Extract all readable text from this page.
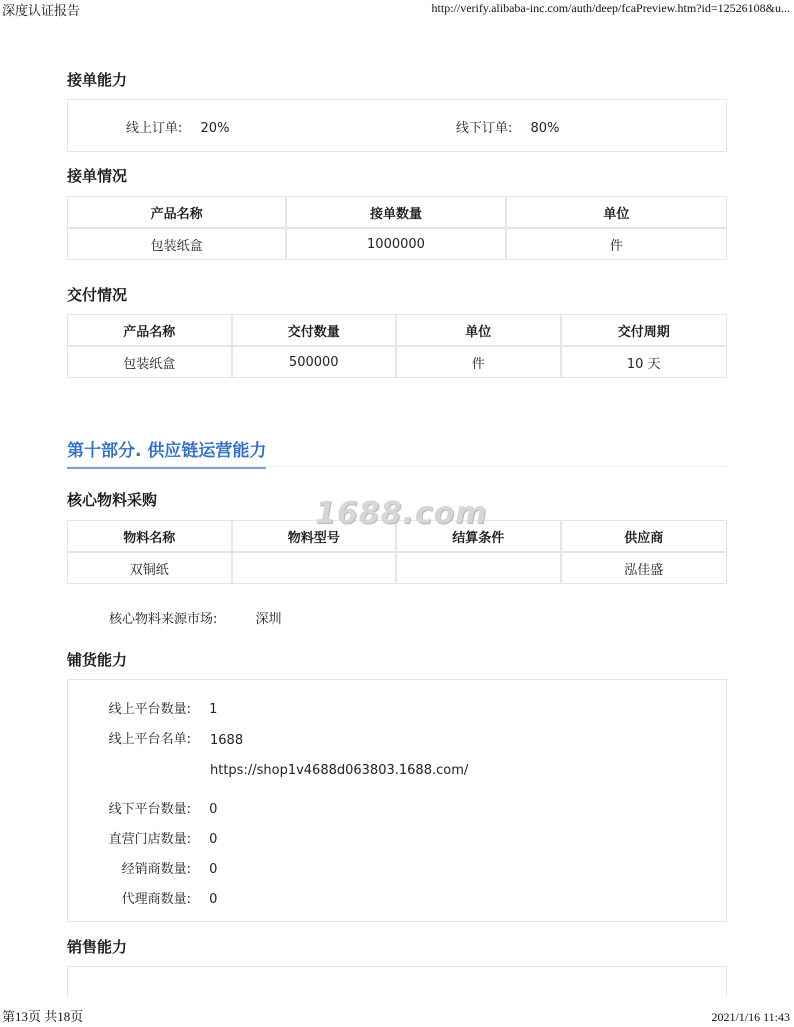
深度认证报告	http://verify.alibaba-inc.com/auth/deep/fcaPreview.htm?id=12526108&u...
接单能力
线上订单: 20%	线下订单: 80%
接单情况
产品名称	接单数量	单位
包装纸盒	1000000	件
交付情况
产品名称	交付数量	单位	交付周期
包装纸盒	500000	件	10 天
第十部分. 供应链运营能力
核心物料采购
物料名称	物料型号	结算条件	供应商
双铜纸			泓佳盛
核心物料来源市场:	深圳
铺货能力
线上平台数量: 1
线上平台名单: 1688
https://shop1v4688d063803.1688.com/
线下平台数量: 0
直营门店数量: 0
经销商数量: 0
代理商数量: 0
销售能力
1688.com
第13页 共18页	2021/1/16 11:43
